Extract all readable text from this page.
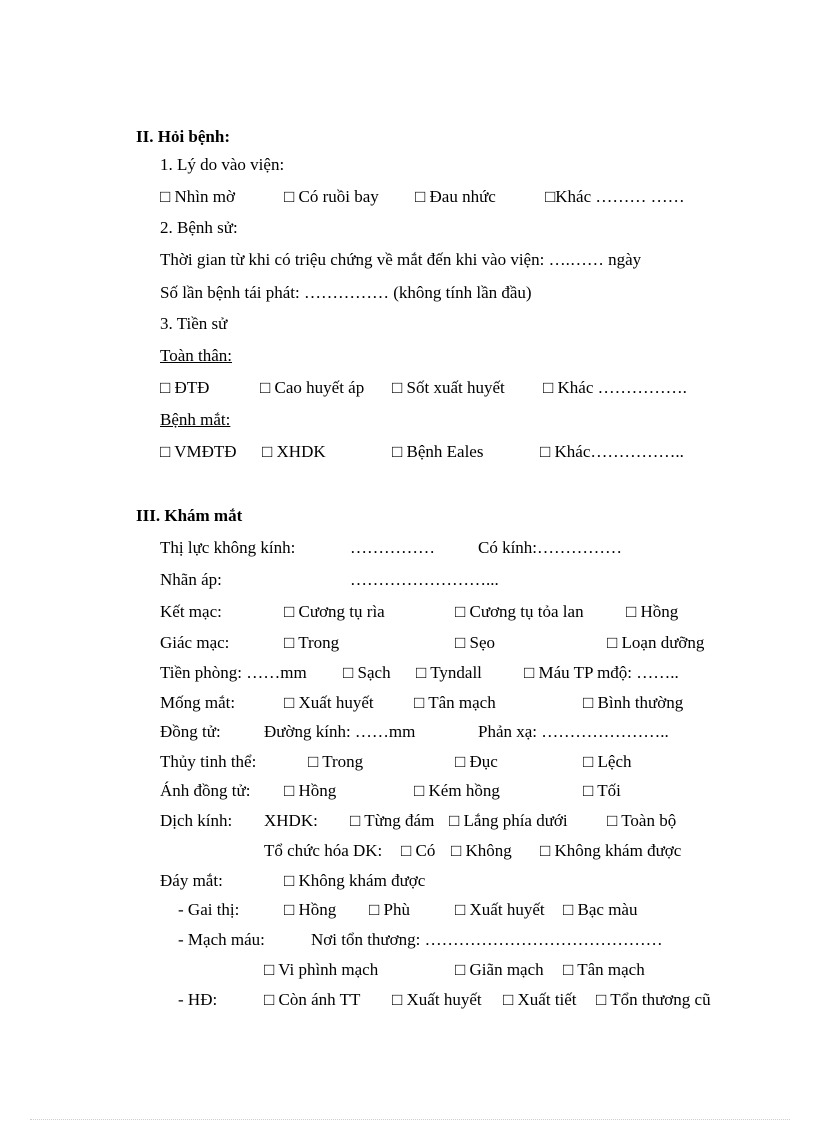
II. Hỏi bệnh:
1. Lý do vào viện:
□ Nhìn mờ	□ Có ruồi bay □ Đau nhức	□Khác ……… ……
2. Bệnh sử:
Thời gian từ khi có triệu chứng về mắt đến khi vào viện: ….…… ngày
Số lần bệnh tái phát: …………… (không tính lần đầu)
3. Tiền sử
Toàn thân:
□ ĐTĐ	□ Cao huyết áp □ Sốt xuất huyết □ Khác …………….
Bệnh mắt:
□ VMĐTĐ □ XHDK	□ Bệnh Eales	□ Khác……………..
III. Khám mắt
Thị lực không kính:	……………	Có kính:……………
Nhãn áp:	……………………...
Kết mạc:	□ Cương tụ rìa	□ Cương tụ tỏa lan □ Hồng
Giác mạc:	□ Trong	□ Sẹo	□ Loạn dưỡng
Tiền phòng: ……mm □ Sạch □ Tyndall □ Máu TP mđộ: ……..
Mống mắt:	□ Xuất huyết □ Tân mạch	□ Bình thường
Đồng tử:	Đường kính: ……mm	Phản xạ: …………………..
Thủy tinh thể:	□ Trong	□ Đục	□ Lệch
Ánh đồng tử: □ Hồng	□ Kém hồng	□ Tối
Dịch kính: XHDK: □ Từng đám □ Lắng phía dưới □ Toàn bộ
Tổ chức hóa DK: □ Có □ Không □ Không khám được
Đáy mắt:	□ Không khám được
- Gai thị:	□ Hồng □ Phù	□ Xuất huyết □ Bạc màu
- Mạch máu:	Nơi tổn thương: ……………………………………
□ Vi phình mạch	□ Giãn mạch □ Tân mạch
- HĐ:	□ Còn ánh TT □ Xuất huyết □ Xuất tiết □ Tổn thương cũ
